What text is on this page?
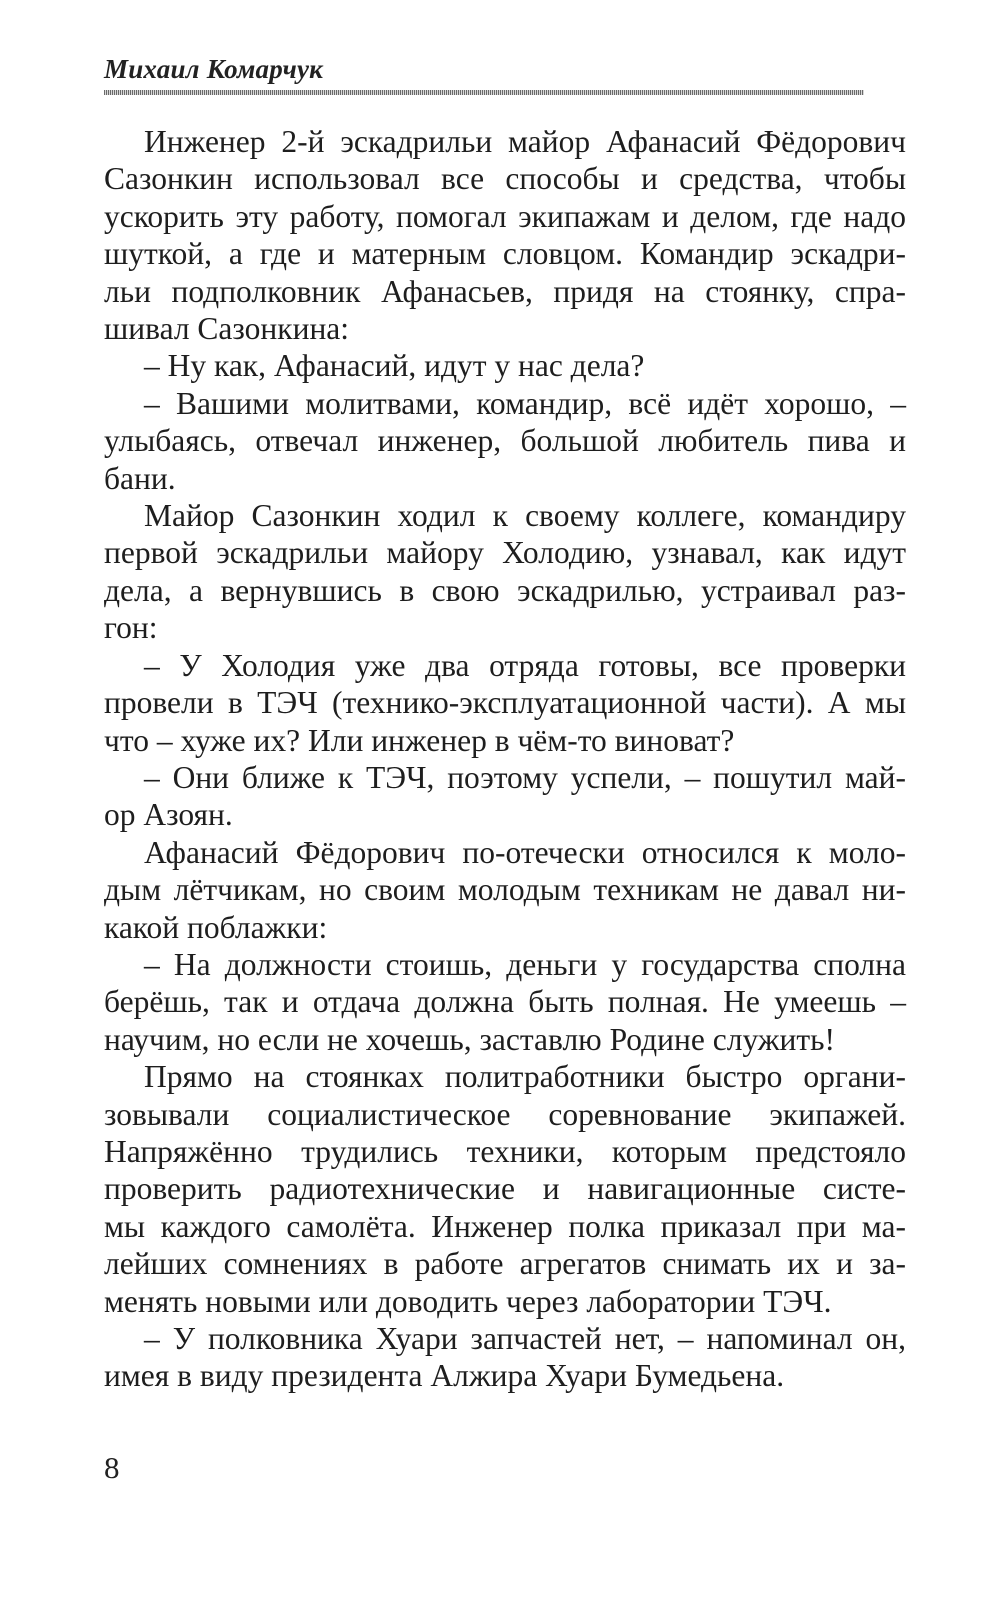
Михаил Комарчук

Инженер 2-й эскадрильи майор Афанасий Фёдорович
Сазонкин использовал все способы и средства, чтобы
ускорить эту работу, помогал экипажам и делом, где надо
шуткой, а где и матерным словцом. Командир эскадри-
льи подполковник Афанасьев, придя на стоянку, спра-
шивал Сазонкина:

– Ну как, Афанасий, идут у нас дела?

– Вашими молитвами, командир, всё идёт хорошо, –
улыбаясь, отвечал инженер, большой любитель пива и
бани.

Майор Сазонкин ходил к своему коллеге, командиру
первой эскадрильи майору Холодию, узнавал, как идут
дела, а вернувшись в свою эскадрилью, устраивал раз-
гон:

– У Холодия уже два отряда готовы, все проверки
провели в ТЭЧ (технико-эксплуатационной части). А мы
что – хуже их? Или инженер в чём-то виноват?

– Они ближе к ТЭЧ, поэтому успели, – пошутил май-
ор Азоян.

Афанасий Фёдорович по-отечески относился к моло-
дым лётчикам, но своим молодым техникам не давал ни-
какой поблажки:

– На должности стоишь, деньги у государства сполна
берёшь, так и отдача должна быть полная. Не умеешь –
научим, но если не хочешь, заставлю Родине служить!

Прямо на стоянках политработники быстро органи-
зовывали социалистическое соревнование экипажей.
Напряжённо трудились техники, которым предстояло
проверить радиотехнические и навигационные систе-
мы каждого самолёта. Инженер полка приказал при ма-
лейших сомнениях в работе агрегатов снимать их и за-
менять новыми или доводить через лаборатории ТЭЧ.

– У полковника Хуари запчастей нет, – напоминал он,
имея в виду президента Алжира Хуари Бумедьена.

8
